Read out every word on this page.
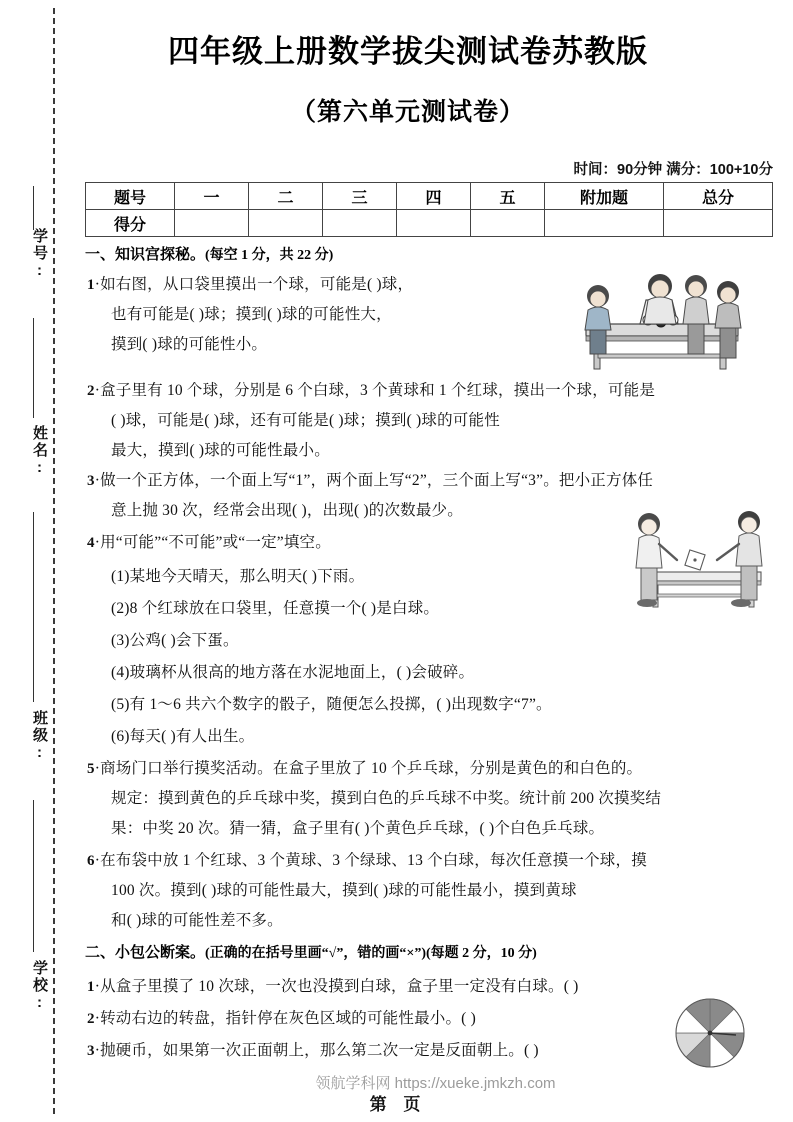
学号:
姓名:
班级:
学校:
四年级上册数学拔尖测试卷苏教版
（第六单元测试卷）
时间：90分钟 满分：100+10分
题号	一	二	三	四	五	附加题	总分
得分							
一、知识宫探秘。(每空 1 分，共 22 分)
1·如右图，从口袋里摸出一个球，可能是( )球，
也有可能是( )球；摸到( )球的可能性大，
摸到( )球的可能性小。
2·盒子里有 10 个球，分别是 6 个白球，3 个黄球和 1 个红球，摸出一个球，可能是
( )球，可能是( )球，还有可能是( )球；摸到( )球的可能性
最大，摸到( )球的可能性最小。
3·做一个正方体，一个面上写“1”，两个面上写“2”，三个面上写“3”。把小正方体任
意上抛 30 次，经常会出现( )，出现( )的次数最少。
4·用“可能”“不可能”或“一定”填空。
(1)某地今天晴天，那么明天( )下雨。
(2)8 个红球放在口袋里，任意摸一个( )是白球。
(3)公鸡( )会下蛋。
(4)玻璃杯从很高的地方落在水泥地面上，( )会破碎。
(5)有 1～6 共六个数字的骰子，随便怎么投掷，( )出现数字“7”。
(6)每天( )有人出生。
5·商场门口举行摸奖活动。在盒子里放了 10 个乒乓球，分别是黄色的和白色的。
规定：摸到黄色的乒乓球中奖，摸到白色的乒乓球不中奖。统计前 200 次摸奖结
果：中奖 20 次。猜一猜，盒子里有( )个黄色乒乓球，( )个白色乒乓球。
6·在布袋中放 1 个红球、3 个黄球、3 个绿球、13 个白球，每次任意摸一个球，摸
100 次。摸到( )球的可能性最大，摸到( )球的可能性最小，摸到黄球
和( )球的可能性差不多。
二、小包公断案。(正确的在括号里画“√”，错的画“×”)(每题 2 分，10 分)
1·从盒子里摸了 10 次球，一次也没摸到白球，盒子里一定没有白球。( )
2·转动右边的转盘，指针停在灰色区域的可能性最小。( )
3·抛硬币，如果第一次正面朝上，那么第二次一定是反面朝上。( )
领航学科网 https://xueke.jmkzh.com
第 页
